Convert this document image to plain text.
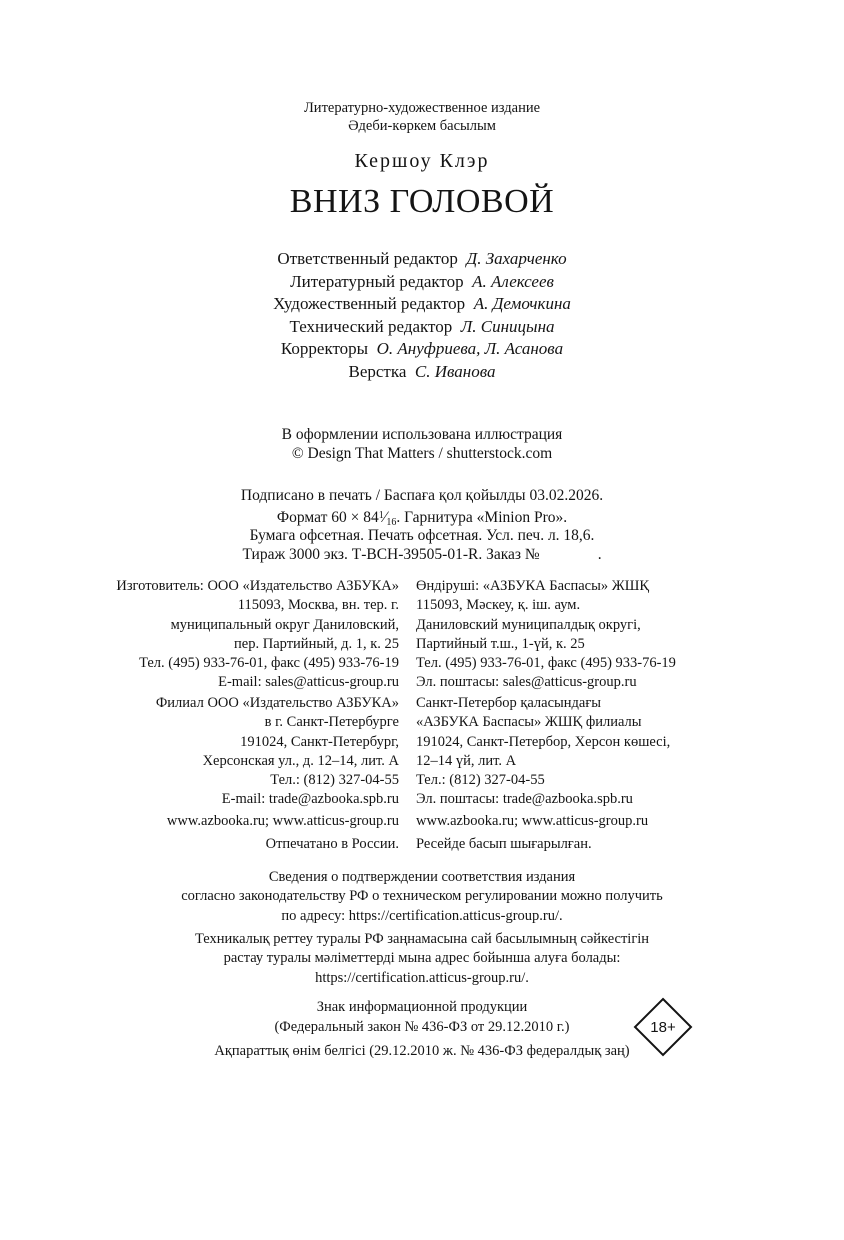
Литературно-художественное издание
Әдеби-көркем басылым
Кершоу Клэр
ВНИЗ ГОЛОВОЙ
Ответственный редактор Д. Захарченко
Литературный редактор А. Алексеев
Художественный редактор А. Демочкина
Технический редактор Л. Синицына
Корректоры О. Ануфриева, Л. Асанова
Верстка С. Иванова
В оформлении использована иллюстрация
© Design That Matters / shutterstock.com
Подписано в печать / Баспаға қол қойылды 03.02.2026.
Формат $60 \times 84^1⁄_{16}$. Гарнитура «Minion Pro».
Бумага офсетная. Печать офсетная. Усл. печ. л. 18,6.
Тираж 3000 экз. Т-ВСН-39505-01-R. Заказ №	.
Изготовитель: ООО «Издательство АЗБУКА»
115093, Москва, вн. тер. г.
муниципальный округ Даниловский,
пер. Партийный, д. 1, к. 25
Тел. (495) 933-76-01, факс (495) 933-76-19
E-mail: sales@atticus-group.ru
Өндіруші: «АЗБУКА Баспасы» ЖШҚ
115093, Мәскеу, қ. іш. аум.
Даниловский муниципалдық округі,
Партийный т.ш., 1-үй, к. 25
Тел. (495) 933-76-01, факс (495) 933-76-19
Эл. поштасы: sales@atticus-group.ru
Филиал ООО «Издательство АЗБУКА»
в г. Санкт-Петербурге
191024, Санкт-Петербург,
Херсонская ул., д. 12–14, лит. А
Тел.: (812) 327-04-55
E-mail: trade@azbooka.spb.ru
Санкт-Петербор қаласындағы
«АЗБУКА Баспасы» ЖШҚ филиалы
191024, Санкт-Петербор, Херсон көшесі,
12–14 үй, лит. А
Тел.: (812) 327-04-55
Эл. поштасы: trade@azbooka.spb.ru
www.azbooka.ru; www.atticus-group.ru www.azbooka.ru; www.atticus-group.ru
Отпечатано в России. Ресейде басып шығарылған.
Сведения о подтверждении соответствия издания
согласно законодательству РФ о техническом регулировании можно получить
по адресу: https://certification.atticus-group.ru/.
Техникалық реттеу туралы РФ заңнамасына сай басылымның сәйкестігін
растау туралы мәліметтерді мына адрес бойынша алуға болады:
https://certification.atticus-group.ru/.
Знак информационной продукции
(Федеральный закон № 436-ФЗ от 29.12.2010 г.)
Ақпараттық өнім белгісі (29.12.2010 ж. № 436-ФЗ федералдық заң)
18+
